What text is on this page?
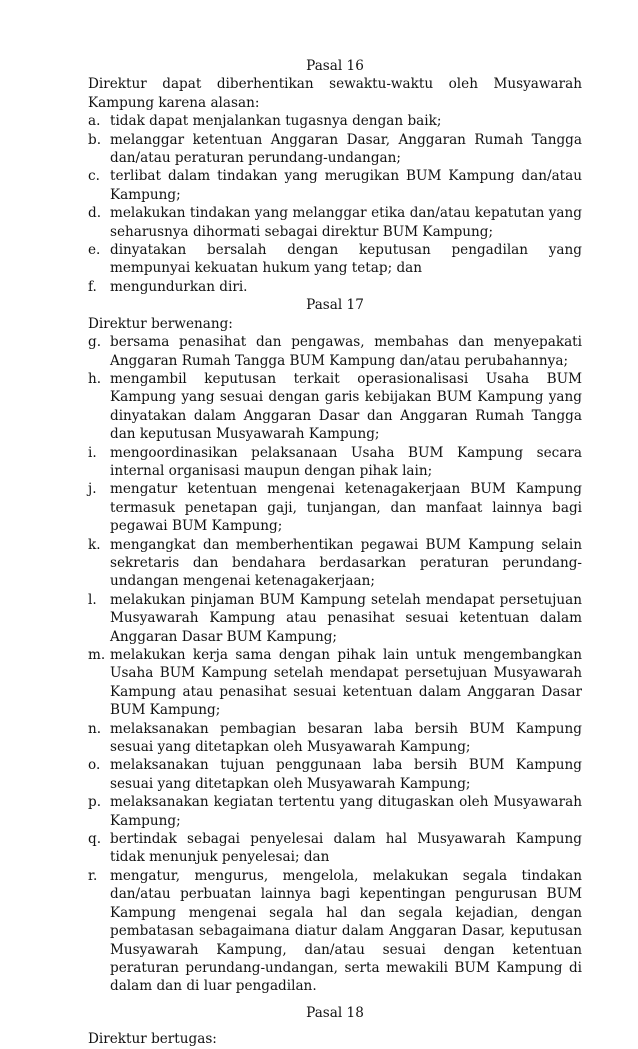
Pasal 16

Direktur dapat diberhentikan sewaktu-waktu oleh Musyawarah Kampung karena alasan:

a. tidak dapat menjalankan tugasnya dengan baik;
b. melanggar ketentuan Anggaran Dasar, Anggaran Rumah Tangga dan/atau peraturan perundang-undangan;
c. terlibat dalam tindakan yang merugikan BUM Kampung dan/atau Kampung;
d. melakukan tindakan yang melanggar etika dan/atau kepatutan yang seharusnya dihormati sebagai direktur BUM Kampung;
e. dinyatakan bersalah dengan keputusan pengadilan yang mempunyai kekuatan hukum yang tetap; dan
f. mengundurkan diri.

Pasal 17

Direktur berwenang:

g. bersama penasihat dan pengawas, membahas dan menyepakati Anggaran Rumah Tangga BUM Kampung dan/atau perubahannya;
h. mengambil keputusan terkait operasionalisasi Usaha BUM Kampung yang sesuai dengan garis kebijakan BUM Kampung yang dinyatakan dalam Anggaran Dasar dan Anggaran Rumah Tangga dan keputusan Musyawarah Kampung;
i. mengoordinasikan pelaksanaan Usaha BUM Kampung secara internal organisasi maupun dengan pihak lain;
j. mengatur ketentuan mengenai ketenagakerjaan BUM Kampung termasuk penetapan gaji, tunjangan, dan manfaat lainnya bagi pegawai BUM Kampung;
k. mengangkat dan memberhentikan pegawai BUM Kampung selain sekretaris dan bendahara berdasarkan peraturan perundang-undangan mengenai ketenagakerjaan;
l. melakukan pinjaman BUM Kampung setelah mendapat persetujuan Musyawarah Kampung atau penasihat sesuai ketentuan dalam Anggaran Dasar BUM Kampung;
m. melakukan kerja sama dengan pihak lain untuk mengembangkan Usaha BUM Kampung setelah mendapat persetujuan Musyawarah Kampung atau penasihat sesuai ketentuan dalam Anggaran Dasar BUM Kampung;
n. melaksanakan pembagian besaran laba bersih BUM Kampung sesuai yang ditetapkan oleh Musyawarah Kampung;
o. melaksanakan tujuan penggunaan laba bersih BUM Kampung sesuai yang ditetapkan oleh Musyawarah Kampung;
p. melaksanakan kegiatan tertentu yang ditugaskan oleh Musyawarah Kampung;
q. bertindak sebagai penyelesai dalam hal Musyawarah Kampung tidak menunjuk penyelesai; dan
r. mengatur, mengurus, mengelola, melakukan segala tindakan dan/atau perbuatan lainnya bagi kepentingan pengurusan BUM Kampung mengenai segala hal dan segala kejadian, dengan pembatasan sebagaimana diatur dalam Anggaran Dasar, keputusan Musyawarah Kampung, dan/atau sesuai dengan ketentuan peraturan perundang-undangan, serta mewakili BUM Kampung di dalam dan di luar pengadilan.

Pasal 18

Direktur bertugas:
